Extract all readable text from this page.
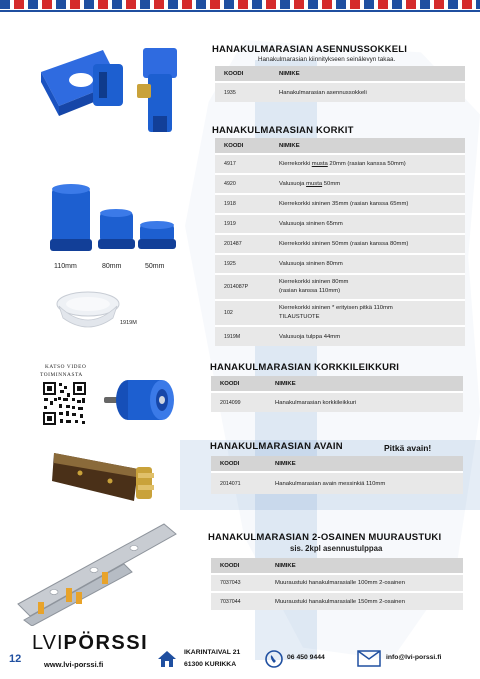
110mm	80mm	50mm
1919M
KATSO VIDEO
TOIMINNASTA
HANAKULMARASIAN ASENNUSSOKKELI
Hanakulmarasian kiinnitykseen seinälevyn takaa.
KOODI	NIMIKE
1935	Hanakulmarasian asennussokkeli
HANAKULMARASIAN KORKIT
KOODI	NIMIKE
4917	Kierrekorkki musta 20mm (rasian kanssa 50mm)
4920	Valusuoja musta 50mm
1918	Kierrekorkki sininen 35mm (rasian kanssa 65mm)
1919	Valusuoja sininen 65mm
201487	Kierrekorkki sininen 50mm (rasian kanssa 80mm)
1925	Valusuoja sininen 80mm
2014087P	Kierrekorkki sininen 80mm
(rasian kanssa 110mm)

102	Kierrekorkki sininen * erityisen pitkä 110mm
TILAUSTUOTE

1919M	Valusuoja tulppa 44mm
HANAKULMARASIAN KORKKILEIKKURI
KOODI	NIMIKE
2014099	Hanakulmarasian korkkileikkuri
HANAKULMARASIAN AVAIN	Pitkä avain!
KOODI	NIMIKE
2014071	Hanakulmarasian avain messinkiä 110mm
HANAKULMARASIAN 2-OSAINEN MUURAUSTUKI
sis. 2kpl asennustulppaa
KOODI	NIMIKE
7037043	Muuraustuki hanakulmarasialle 100mm 2-osainen
7037044	Muuraustuki hanakulmarasialle 150mm 2-osainen
12
LVIPÖRSSI
www.lvi-porssi.fi
IKARINTAIVAL 21
61300 KURIKKA
06 450 9444	info@lvi-porssi.fi
